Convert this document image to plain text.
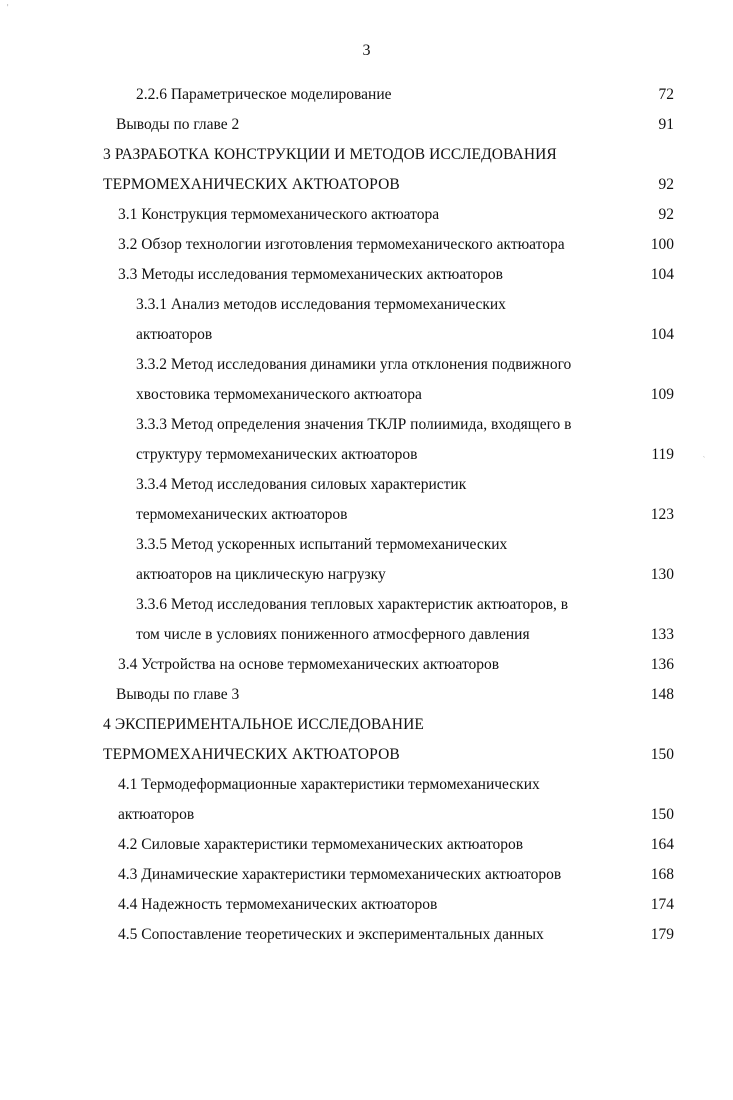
ⸯ
3
2.2.6 Параметрическое моделирование	72
Выводы по главе 2	91
3 РАЗРАБОТКА КОНСТРУКЦИИ И МЕТОДОВ ИССЛЕДОВАНИЯ
ТЕРМОМЕХАНИЧЕСКИХ АКТЮАТОРОВ	92
3.1 Конструкция термомеханического актюатора	92
3.2 Обзор технологии изготовления термомеханического актюатора	100
3.3 Методы исследования термомеханических актюаторов	104
3.3.1 Анализ методов исследования термомеханических
актюаторов	104
3.3.2 Метод исследования динамики угла отклонения подвижного
хвостовика термомеханического актюатора	109
3.3.3 Метод определения значения ТКЛР полиимида, входящего в
структуру термомеханических актюаторов	119
3.3.4 Метод исследования силовых характеристик
термомеханических актюаторов	123
3.3.5 Метод ускоренных испытаний термомеханических
актюаторов на циклическую нагрузку	130
3.3.6 Метод исследования тепловых характеристик актюаторов, в
том числе в условиях пониженного атмосферного давления	133
3.4 Устройства на основе термомеханических актюаторов	136
Выводы по главе 3	148
4 ЭКСПЕРИМЕНТАЛЬНОЕ ИССЛЕДОВАНИЕ
ТЕРМОМЕХАНИЧЕСКИХ АКТЮАТОРОВ	150
4.1 Термодеформационные характеристики термомеханических
актюаторов	150
4.2 Силовые характеристики термомеханических актюаторов	164
4.3 Динамические характеристики термомеханических актюаторов	168
4.4 Надежность термомеханических актюаторов	174
4.5 Сопоставление теоретических и экспериментальных данных	179
ˏ
